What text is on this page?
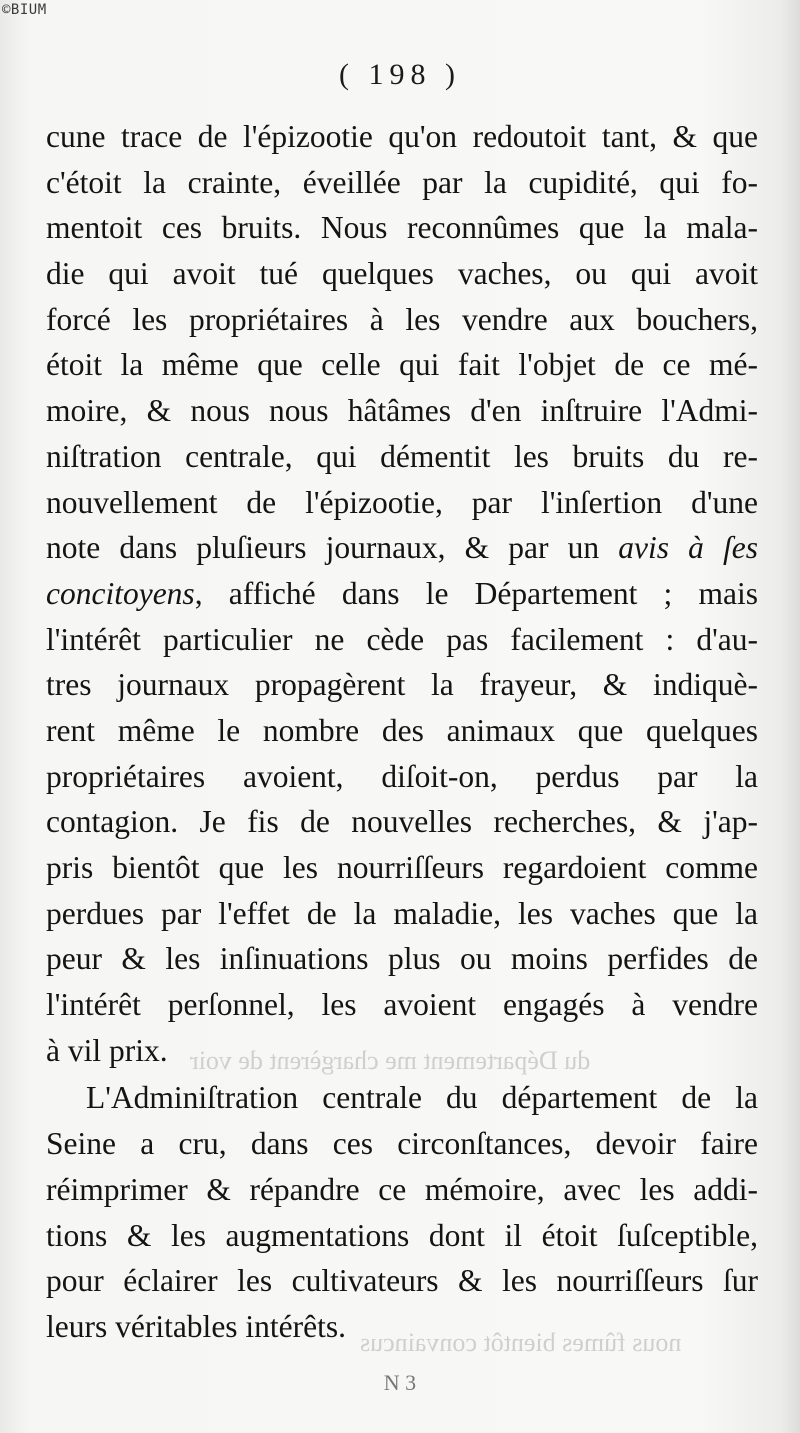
©BIUM
( 198 )
du Département me chargèrent de voir
nous fûmes bientôt convaincus
cune trace de l'épizootie qu'on redoutoit tant, & que
c'étoit la crainte, éveillée par la cupidité, qui fo-
mentoit ces bruits. Nous reconnûmes que la mala-
die qui avoit tué quelques vaches, ou qui avoit
forcé les propriétaires à les vendre aux bouchers,
étoit la même que celle qui fait l'objet de ce mé-
moire, & nous nous hâtâmes d'en inſtruire l'Admi-
niſtration centrale, qui démentit les bruits du re-
nouvellement de l'épizootie, par l'inſertion d'une
note dans pluſieurs journaux, & par un avis à ſes
concitoyens, affiché dans le Département ; mais
l'intérêt particulier ne cède pas facilement : d'au-
tres journaux propagèrent la frayeur, & indiquè-
rent même le nombre des animaux que quelques
propriétaires avoient, diſoit-on, perdus par la
contagion. Je fis de nouvelles recherches, & j'ap-
pris bientôt que les nourriſſeurs regardoient comme
perdues par l'effet de la maladie, les vaches que la
peur & les inſinuations plus ou moins perfides de
l'intérêt perſonnel, les avoient engagés à vendre
à vil prix.
L'Adminiſtration centrale du département de la
Seine a cru, dans ces circonſtances, devoir faire
réimprimer & répandre ce mémoire, avec les addi-
tions & les augmentations dont il étoit ſuſceptible,
pour éclairer les cultivateurs & les nourriſſeurs ſur
leurs véritables intérêts.
N 3
